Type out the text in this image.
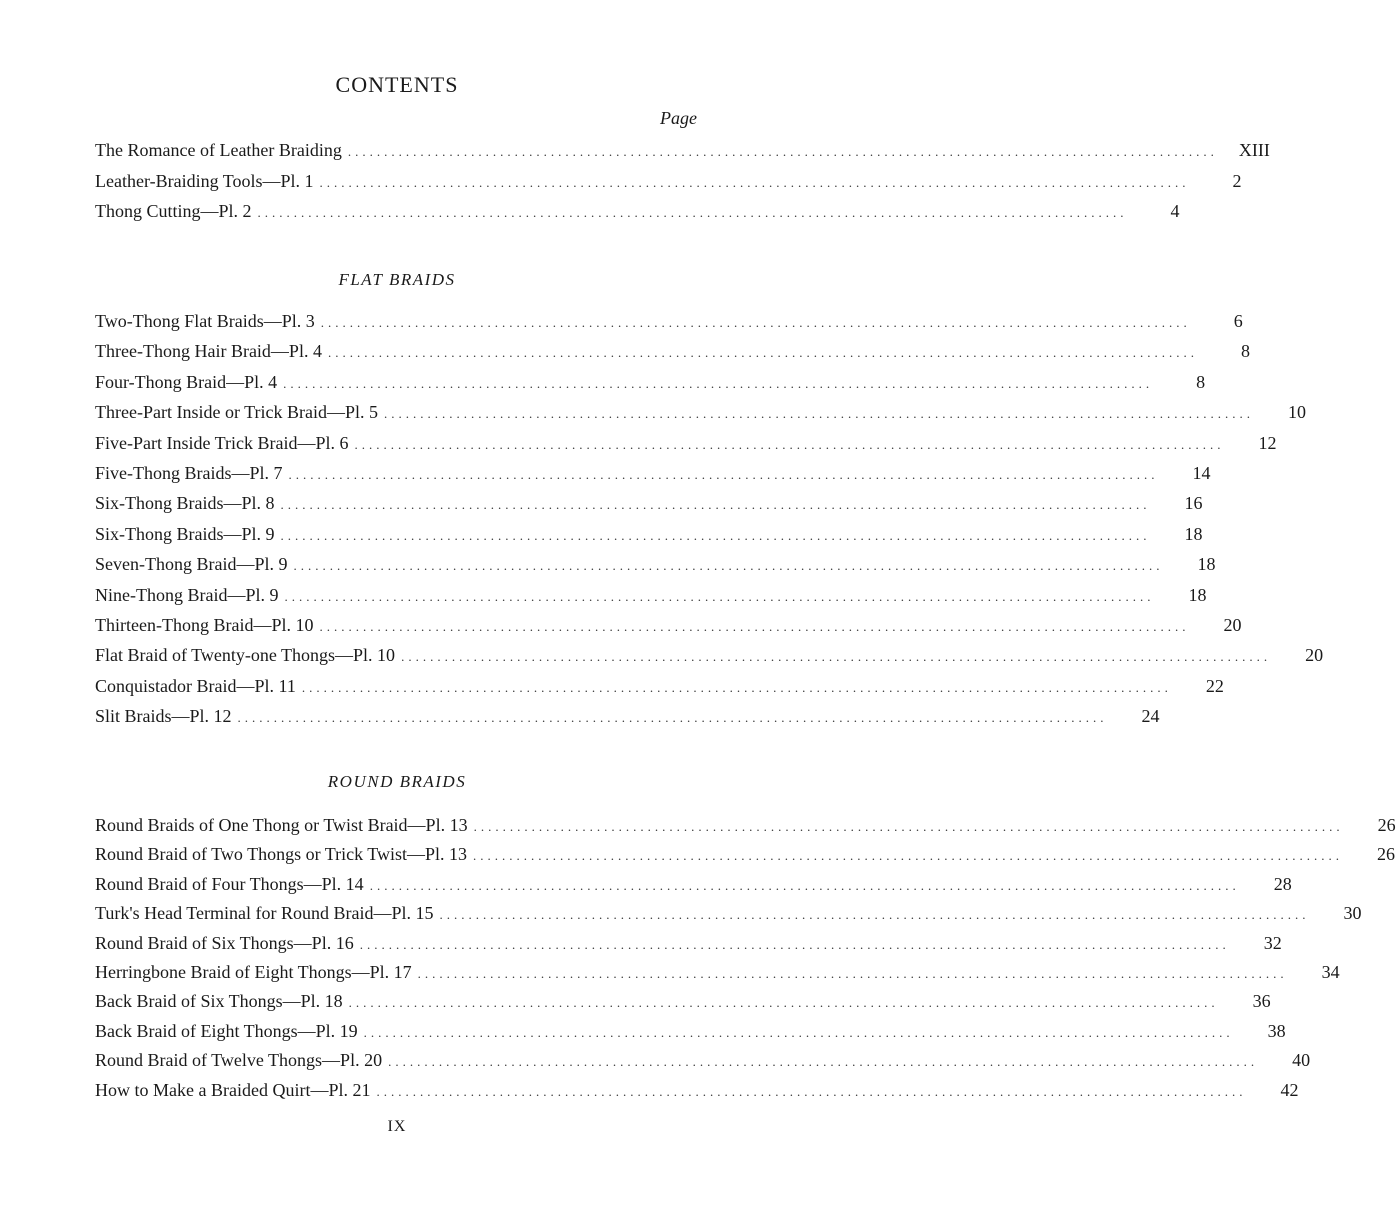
CONTENTS
Page
The Romance of Leather Braiding ........................................................................................................................	XIII
Leather-Braiding Tools—Pl. 1 ........................................................................................................................	2
Thong Cutting—Pl. 2 ........................................................................................................................	4
FLAT BRAIDS
Two-Thong Flat Braids—Pl. 3 ........................................................................................................................	6
Three-Thong Hair Braid—Pl. 4 ........................................................................................................................	8
Four-Thong Braid—Pl. 4 ........................................................................................................................	8
Three-Part Inside or Trick Braid—Pl. 5 ........................................................................................................................	10
Five-Part Inside Trick Braid—Pl. 6 ........................................................................................................................	12
Five-Thong Braids—Pl. 7 ........................................................................................................................	14
Six-Thong Braids—Pl. 8 ........................................................................................................................	16
Six-Thong Braids—Pl. 9 ........................................................................................................................	18
Seven-Thong Braid—Pl. 9 ........................................................................................................................	18
Nine-Thong Braid—Pl. 9 ........................................................................................................................	18
Thirteen-Thong Braid—Pl. 10 ........................................................................................................................	20
Flat Braid of Twenty-one Thongs—Pl. 10 ........................................................................................................................	20
Conquistador Braid—Pl. 11 ........................................................................................................................	22
Slit Braids—Pl. 12 ........................................................................................................................	24
ROUND BRAIDS
Round Braids of One Thong or Twist Braid—Pl. 13 ........................................................................................................................	26
Round Braid of Two Thongs or Trick Twist—Pl. 13 ........................................................................................................................	26
Round Braid of Four Thongs—Pl. 14 ........................................................................................................................	28
Turk's Head Terminal for Round Braid—Pl. 15 ........................................................................................................................	30
Round Braid of Six Thongs—Pl. 16 ........................................................................................................................	32
Herringbone Braid of Eight Thongs—Pl. 17 ........................................................................................................................	34
Back Braid of Six Thongs—Pl. 18 ........................................................................................................................	36
Back Braid of Eight Thongs—Pl. 19 ........................................................................................................................	38
Round Braid of Twelve Thongs—Pl. 20 ........................................................................................................................	40
How to Make a Braided Quirt—Pl. 21 ........................................................................................................................	42
IX
